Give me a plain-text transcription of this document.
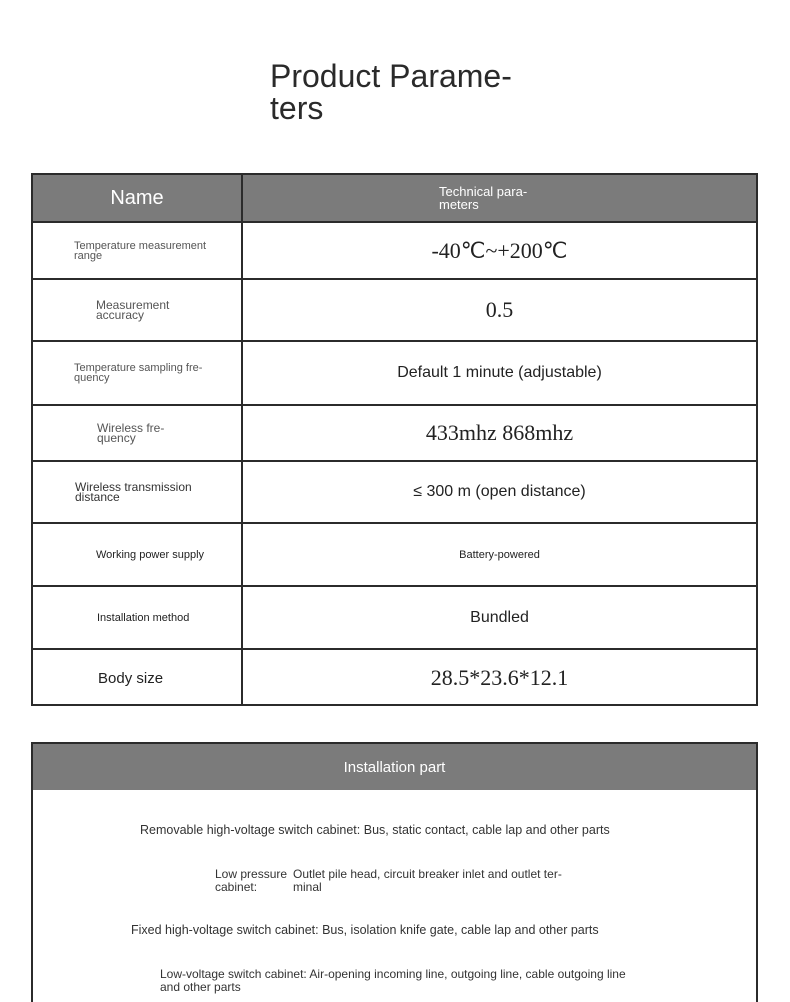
Product Parame- ters
Name	Technical para- meters
Temperature measurement range	-40℃~+200℃
Measurement accuracy	0.5
Temperature sampling fre- quency	Default 1 minute (adjustable)
Wireless fre- quency	433mhz 868mhz
Wireless transmission distance	≤ 300 m (open distance)
Working power supply	Battery-powered
Installation method	Bundled
Body size	28.5*23.6*12.1
Installation part
Removable high-voltage switch cabinet: Bus, static contact, cable lap and other parts
Low pressure cabinet:
Outlet pile head, circuit breaker inlet and outlet ter- minal
Fixed high-voltage switch cabinet: Bus, isolation knife gate, cable lap and other parts
Low-voltage switch cabinet: Air-opening incoming line, outgoing line, cable outgoing line and other parts
